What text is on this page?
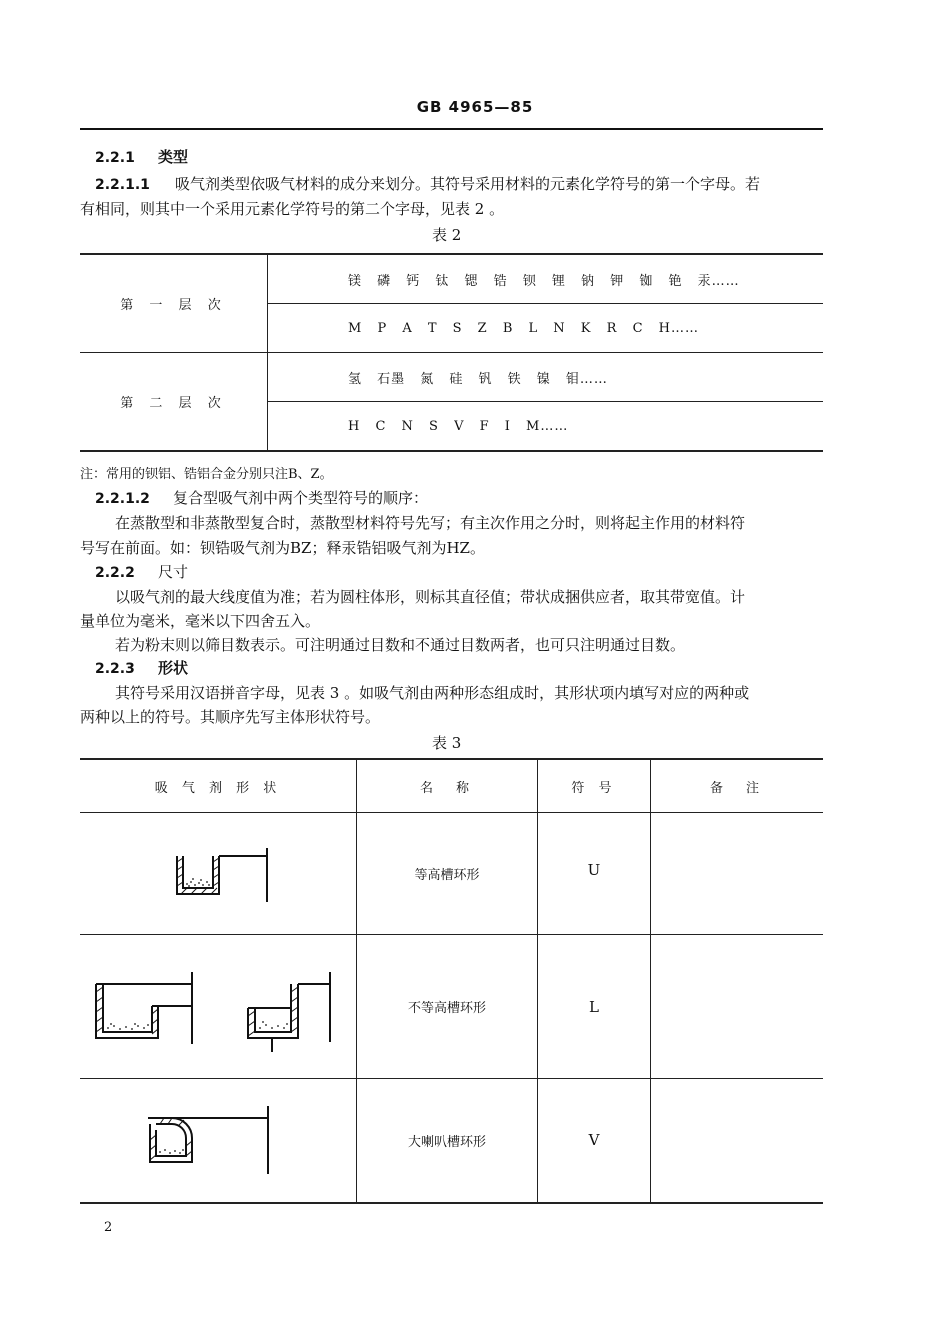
GB 4965—85
2.2.1 类型
2.2.1.1 吸气剂类型依吸气材料的成分来划分。其符号采用材料的元素化学符号的第一个字母。若
有相同，则其中一个采用元素化学符号的第二个字母，见表 2 。
表 2
第 一 层 次	镁 磷 钙 钛 锶 锆 钡 锂 钠 钾 铷 铯 汞……
	M P A T S Z B L N K R C H……
第 二 层 次	氢 石墨 氮 硅 钒 铁 镍 钼……
	H C N S V F I M……
注：常用的钡铝、锆铝合金分别只注B、Z。
2.2.1.2 复合型吸气剂中两个类型符号的顺序：
在蒸散型和非蒸散型复合时，蒸散型材料符号先写；有主次作用之分时，则将起主作用的材料符
号写在前面。如：钡锆吸气剂为BZ；释汞锆铝吸气剂为HZ。
2.2.2 尺寸
以吸气剂的最大线度值为准；若为圆柱体形，则标其直径值；带状成捆供应者，取其带宽值。计
量单位为毫米，毫米以下四舍五入。
若为粉末则以筛目数表示。可注明通过目数和不通过目数两者，也可只注明通过目数。
2.2.3 形状
其符号采用汉语拼音字母，见表 3 。如吸气剂由两种形态组成时，其形状项内填写对应的两种或
两种以上的符号。其顺序先写主体形状符号。
表 3
吸 气 剂 形 状	名　称	符 号	备　注

	等高槽环形	U	

	不等高槽环形	L	

	大喇叭槽环形	V	
2
